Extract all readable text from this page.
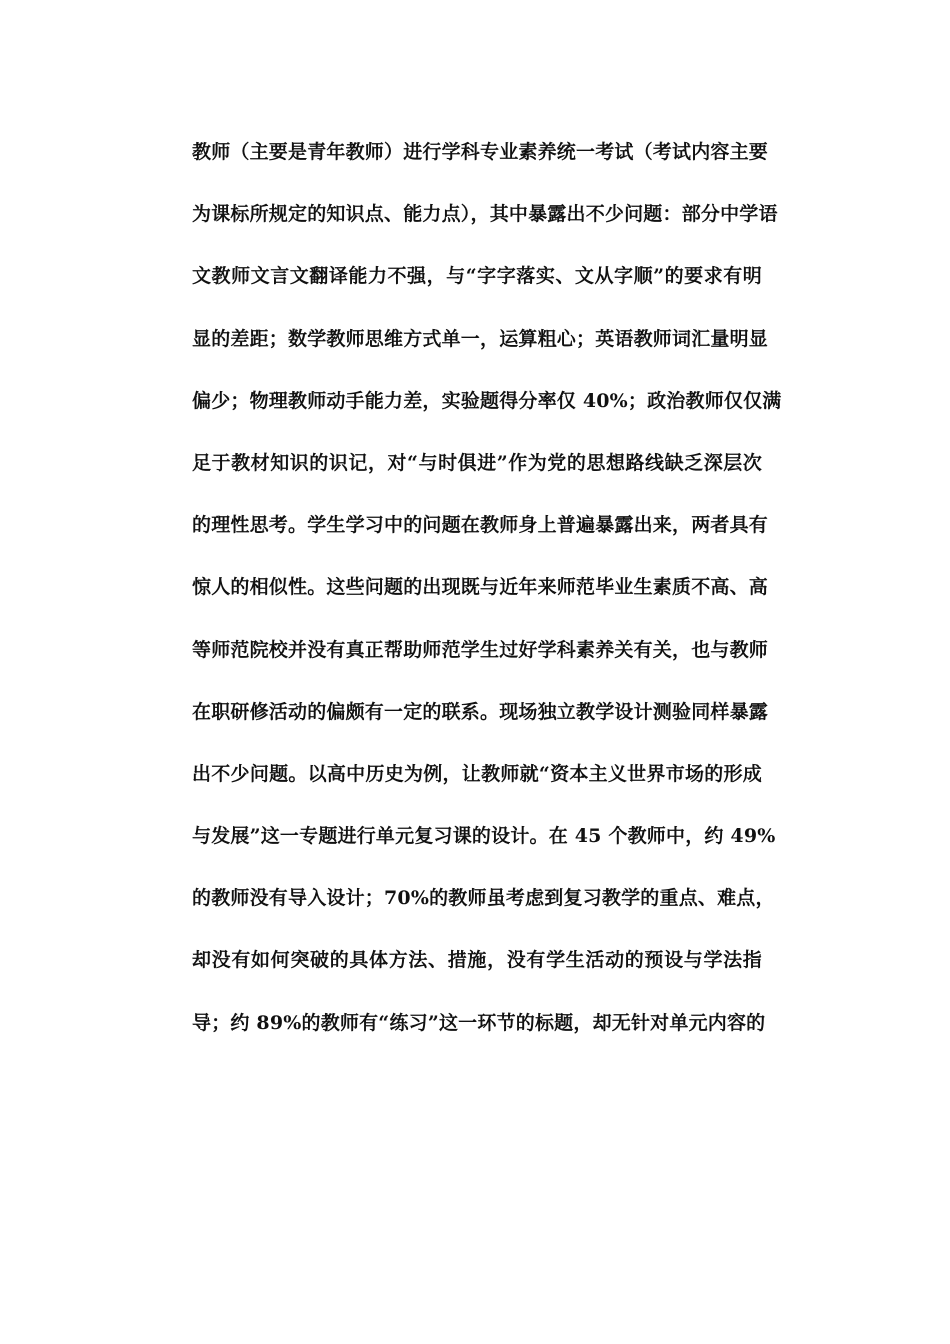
教师（主要是青年教师）进行学科专业素养统一考试（考试内容主要
为课标所规定的知识点、能力点），其中暴露出不少问题：部分中学语
文教师文言文翻译能力不强，与“字字落实、文从字顺”的要求有明
显的差距；数学教师思维方式单一，运算粗心；英语教师词汇量明显
偏少；物理教师动手能力差，实验题得分率仅 40%；政治教师仅仅满
足于教材知识的识记，对“与时俱进”作为党的思想路线缺乏深层次
的理性思考。学生学习中的问题在教师身上普遍暴露出来，两者具有
惊人的相似性。这些问题的出现既与近年来师范毕业生素质不高、高
等师范院校并没有真正帮助师范学生过好学科素养关有关，也与教师
在职研修活动的偏颇有一定的联系。现场独立教学设计测验同样暴露
出不少问题。以高中历史为例，让教师就“资本主义世界市场的形成
与发展”这一专题进行单元复习课的设计。在 45 个教师中，约 49%
的教师没有导入设计；70%的教师虽考虑到复习教学的重点、难点，
却没有如何突破的具体方法、措施，没有学生活动的预设与学法指
导；约 89%的教师有“练习”这一环节的标题，却无针对单元内容的
